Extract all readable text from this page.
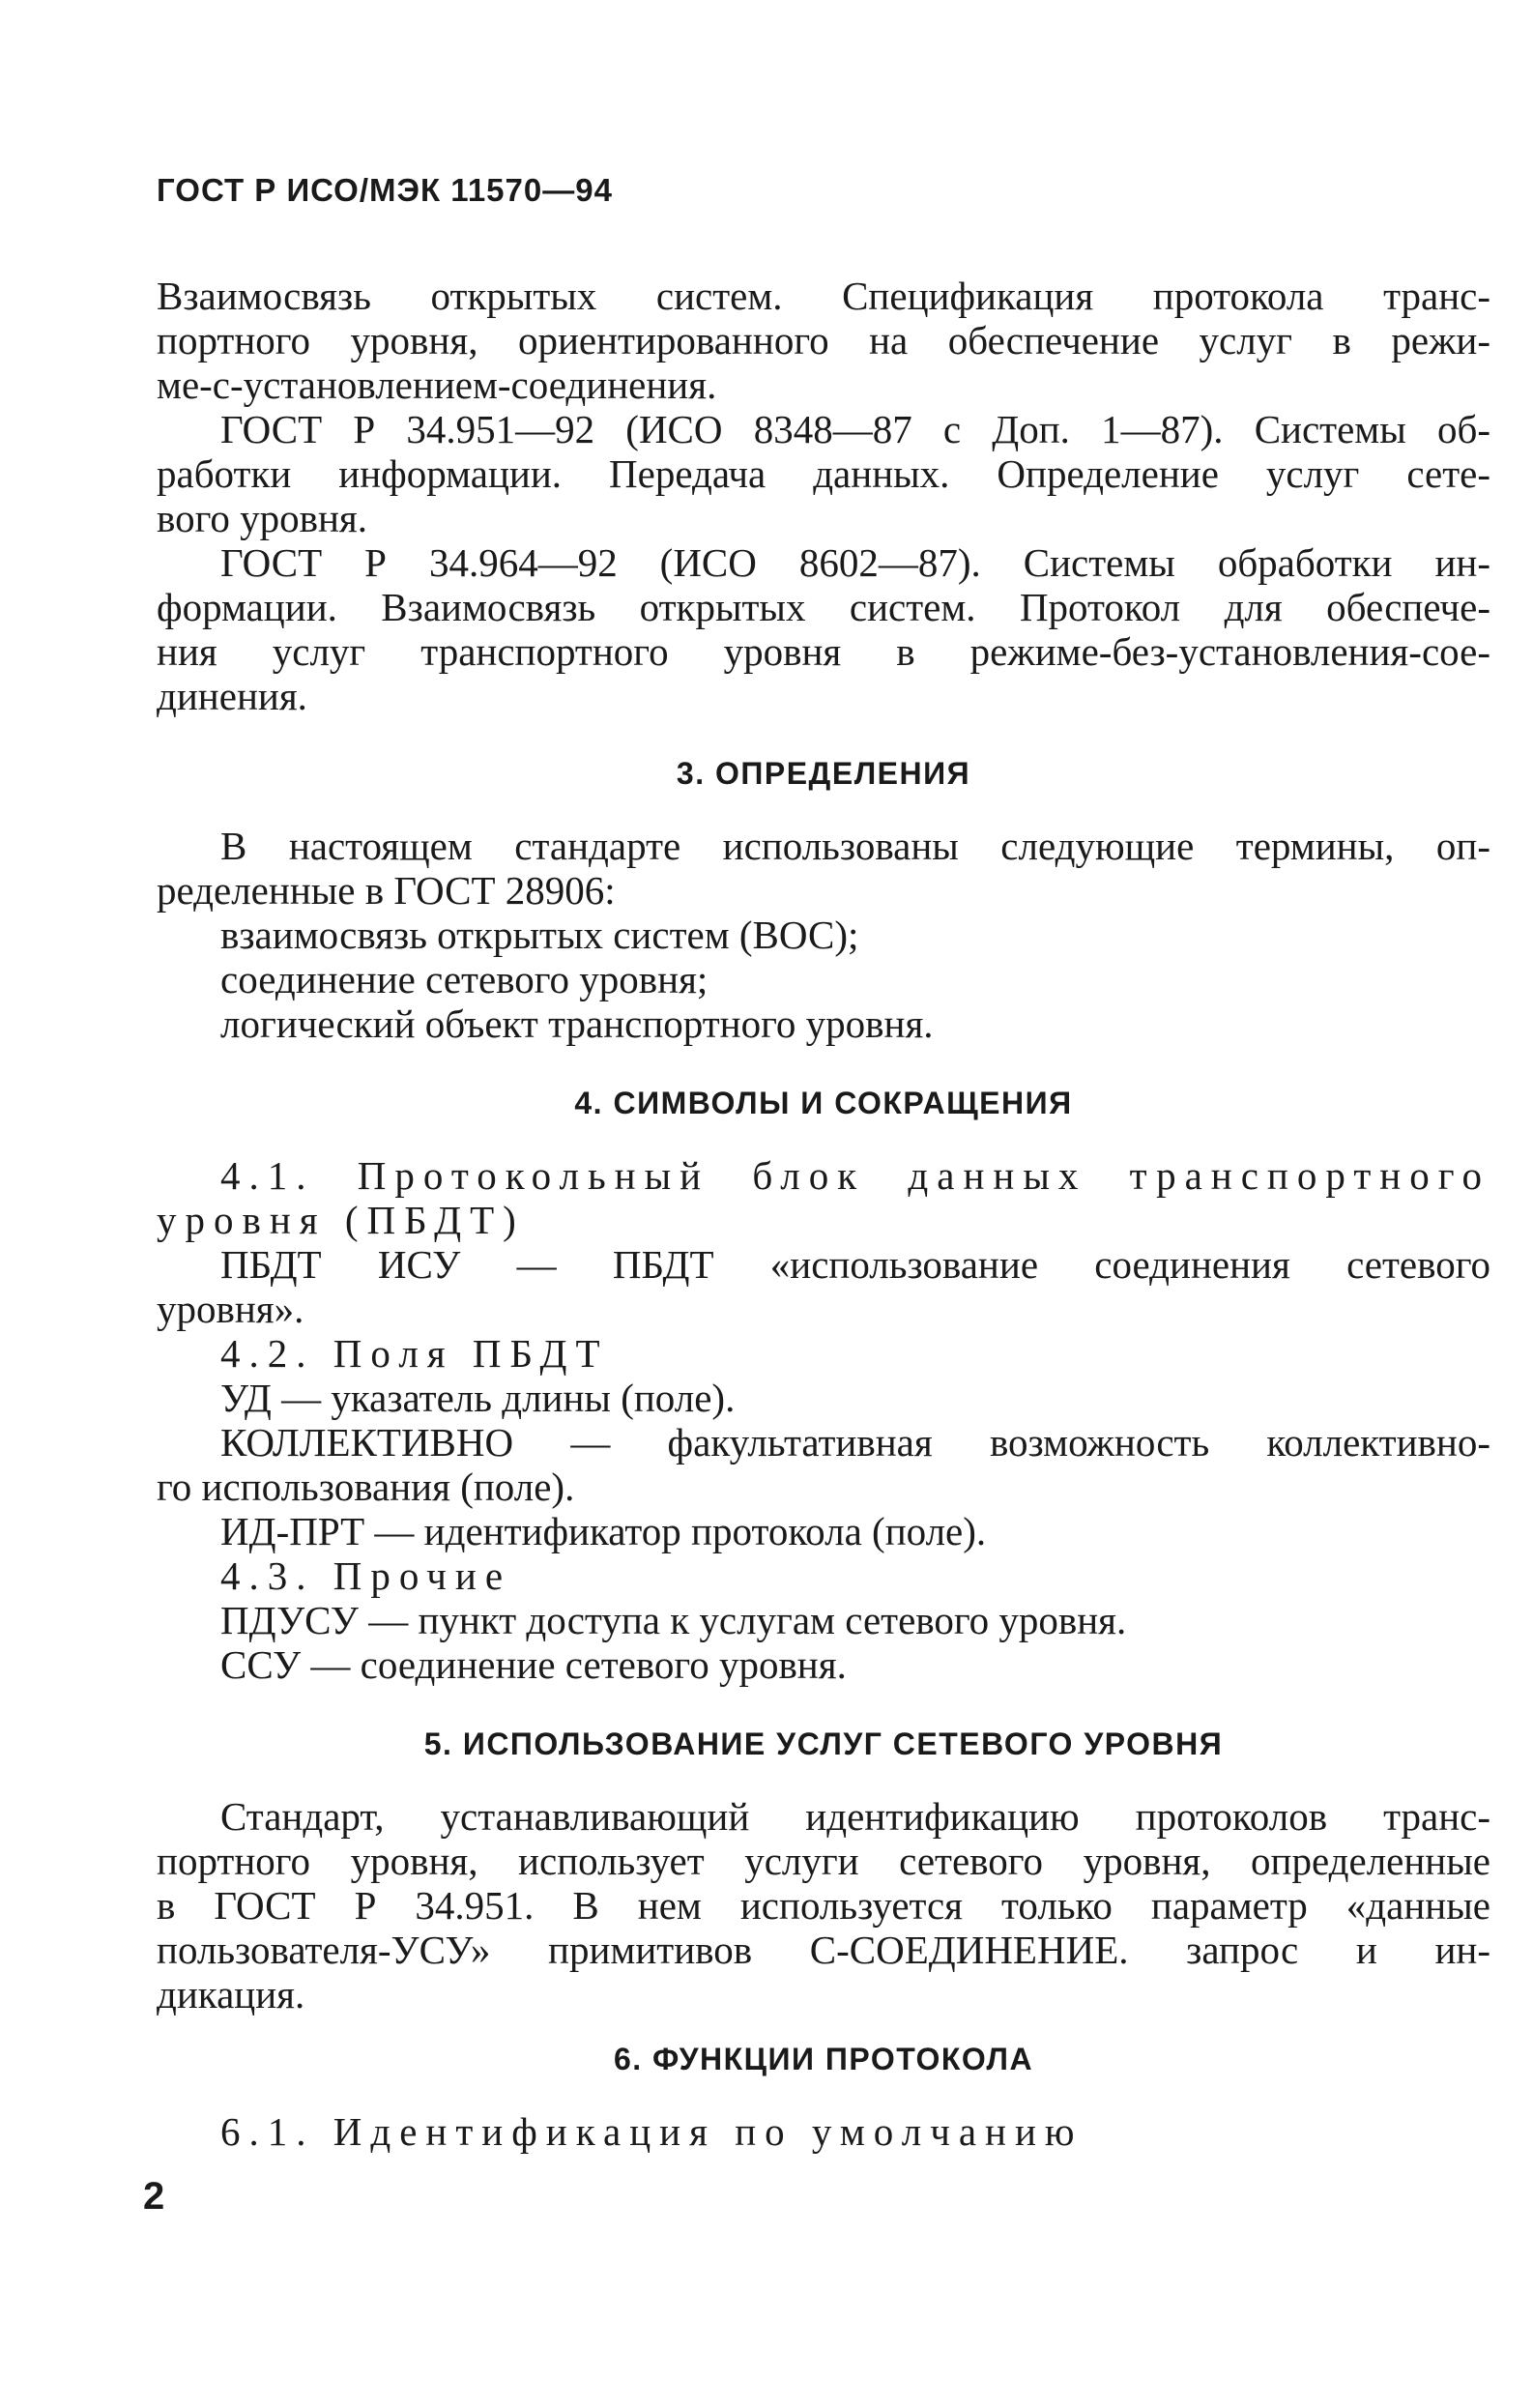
ГОСТ Р ИСО/МЭК 11570—94
Взаимосвязь открытых систем. Спецификация протокола транс-
портного уровня, ориентированного на обеспечение услуг в режи-
ме-с-установлением-соединения.
ГОСТ Р 34.951—92 (ИСО 8348—87 с Доп. 1—87). Системы об-
работки информации. Передача данных. Определение услуг сете-
вого уровня.
ГОСТ Р 34.964—92 (ИСО 8602—87). Системы обработки ин-
формации. Взаимосвязь открытых систем. Протокол для обеспече-
ния услуг транспортного уровня в режиме-без-установления-сое-
динения.
3. ОПРЕДЕЛЕНИЯ
В настоящем стандарте использованы следующие термины, оп-
ределенные в ГОСТ 28906:
взаимосвязь открытых систем (ВОС);
соединение сетевого уровня;
логический объект транспортного уровня.
4. СИМВОЛЫ И СОКРАЩЕНИЯ
4.1. Протокольный блок данных транспортного
уровня (ПБДТ)
ПБДТ ИСУ — ПБДТ «использование соединения сетевого
уровня».
4.2. Поля ПБДТ
УД — указатель длины (поле).
КОЛЛЕКТИВНО — факультативная возможность коллективно-
го использования (поле).
ИД-ПРТ — идентификатор протокола (поле).
4.3. Прочие
ПДУСУ — пункт доступа к услугам сетевого уровня.
ССУ — соединение сетевого уровня.
5. ИСПОЛЬЗОВАНИЕ УСЛУГ СЕТЕВОГО УРОВНЯ
Стандарт, устанавливающий идентификацию протоколов транс-
портного уровня, использует услуги сетевого уровня, определенные
в ГОСТ Р 34.951. В нем используется только параметр «данные
пользователя-УСУ» примитивов С-СОЕДИНЕНИЕ. запрос и ин-
дикация.
6. ФУНКЦИИ ПРОТОКОЛА
6.1. Идентификация по умолчанию
2
